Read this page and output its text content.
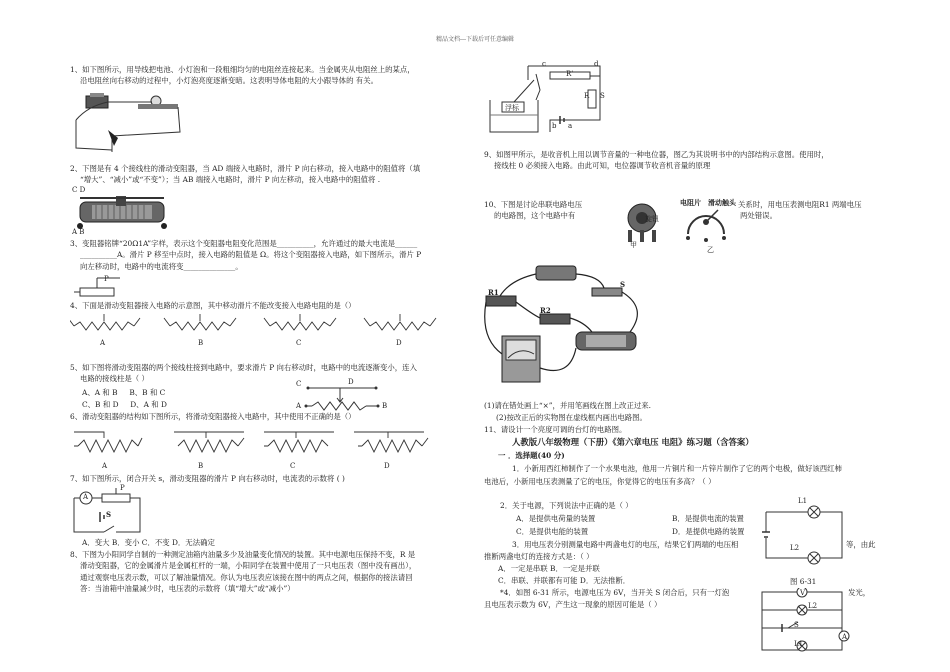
精品文档---下载后可任意编辑
1、如下图所示，用导线把电池、小灯泡和一段粗细均匀的电阻丝连接起来。当金属夹从电阻丝上的某点，
沿电阻丝向右移动的过程中，小灯泡亮度逐渐变暗。这表明导体电阻的大小跟导体的 有关。
2、下图是有 4 个接线柱的滑动变阻器，当 AD 端接入电路时，滑片 P 向右移动，接入电路中的阻值将（填
“增大”、“减小”或“不变”）；当 AB 端接入电路时，滑片 P 向左移动，接入电路中的阻值将 .
C D
A B
3、变阻器铭牌“20Ω1A”字样，表示这个变阻器电阻变化范围是__________，允许通过的最大电流是______
__________A。滑片 P 移至中点时，接入电路的阻值是 Ω。将这个变阻器接入电路，如下图所示，滑片 P
向左移动时，电路中的电流将变______________。
P
4、下面是滑动变阻器接入电路的示意图，其中移动滑片不能改变接入电路电阻的是（）
A	B	C	D
5、如下图将滑动变阻器的两个接线柱接到电路中，要求滑片 P 向右移动时，电路中的电流逐渐变小，连入
电路的接线柱是（ ）
A、A 和 B B、B 和 C
C、B 和 D D、A 和 D
C	D
A	B
6、滑动变阻器的结构如下图所示，将滑动变阻器接入电路中，其中使用不正确的是（）
A	B	C	D
7、如下图所示，闭合开关 s，滑动变阻器的滑片 P 向右移动时，电流表的示数将 ( )
A
P
S
A．变大 B．变小 C．不变 D．无法确定
8、下图为小阳同学自制的一种测定油箱内油量多少及油量变化情况的装置。其中电源电压保持不变，R 是
滑动变阻器，它的金属滑片是金属杠杆的一端，小阳同学在装置中使用了一只电压表（图中没有画出），
通过观察电压表示数，可以了解油量情况。你认为电压表应该接在图中的两点之间，根据你的接法请回
答：当油箱中油量减少时，电压表的示数将（填“增大”或“减小”）
c	d
R'
R S
浮标
b a
9、如图甲所示，是收音机上用以调节音量的一种电位器，图乙为其说明书中的内部结构示意图。使用时，
接线柱 0 必须接入电路。由此可知，电位器调节收音机音量的原理
10、下图是讨论串联电路电压
的电路图，这个电路中有	旋钮
甲
电阻片 滑动触头
乙
关系时，用电压表测电阻R1 两端电压
两处错误。
R1
R2
S
(1)请在错处画上“×”，并用笔画线在图上改正过来.
(2)按改正后的实物图在虚线框内画出电路图。
11、请设计一个亮度可调的台灯的电路图。
人教版八年级物理（下册）《第六章电压 电阻》练习题（含答案）
一 ．选择题(40 分)
1．小新用西红柿制作了一个水果电池，他用一片铜片和一片锌片制作了它的两个电极，做好该西红柿
电池后，小新用电压表测量了它的电压，你觉得它的电压有多高？（ ）
2．关于电源，下列说法中正确的是（ ）
A．是提供电荷量的装置	B．是提供电流的装置
C．是提供电能的装置	D．是提供电路的装置
3．用电压表分别测量电路中两盏电灯的电压，结果它们两端的电压相	等，由此
推断两盏电灯的连接方式是：（ ）
A．一定是串联 B．一定是并联
C．串联、并联都有可能 D．无法推断．
L1
L2
图 6-31
*4．如图 6-31 所示，电源电压为 6V，当开关 S 闭合后，只有一灯泡	发光，
且电压表示数为 6V，产生这一现象的原因可能是（ ）
V
L2
S
A
L1
